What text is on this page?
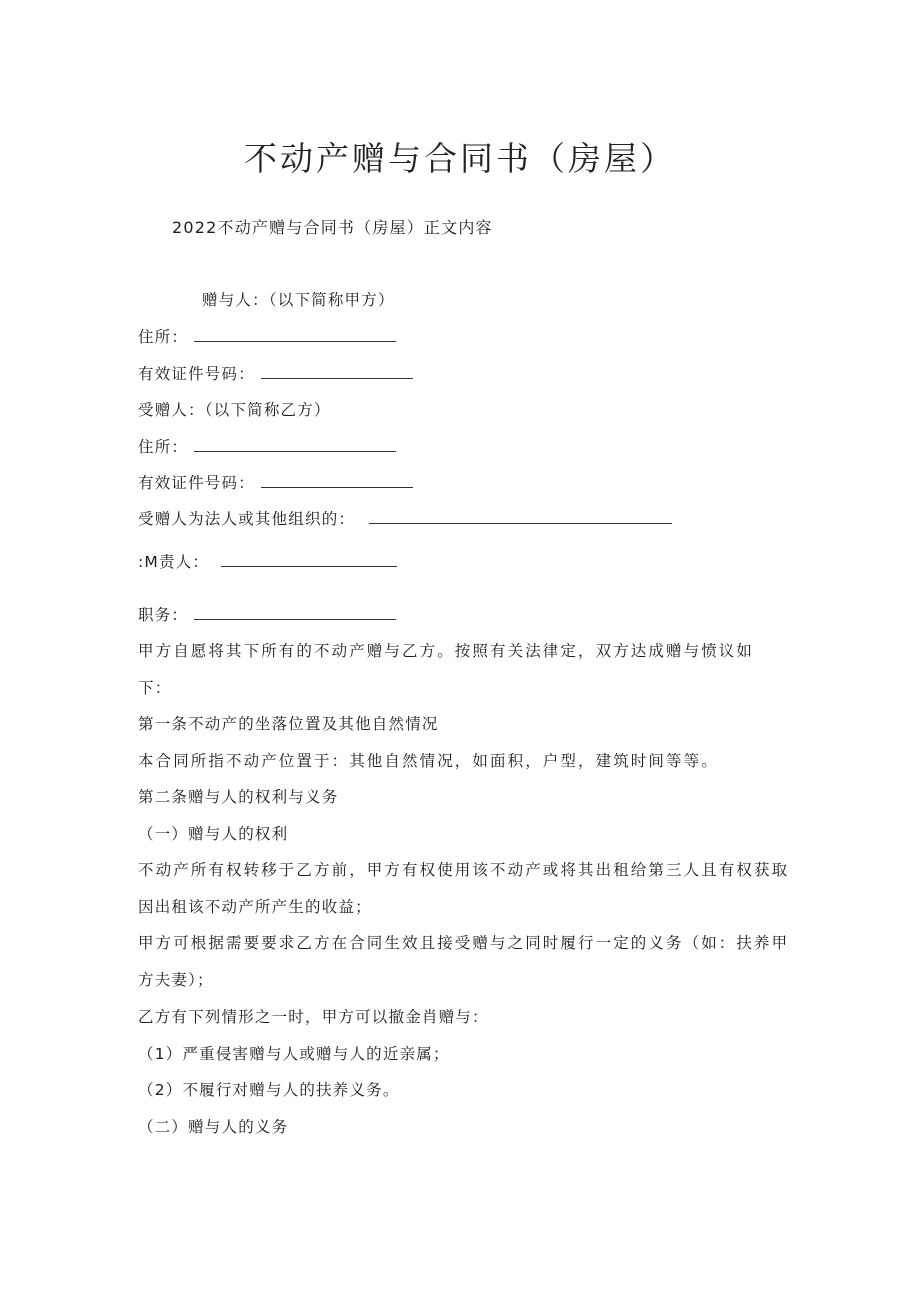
不动产赠与合同书（房屋）
2022不动产赠与合同书（房屋）正文内容
赠与人：（以下简称甲方）
住所：
有效证件号码：
受赠人：（以下简称乙方）
住所：
有效证件号码：
受赠人为法人或其他组织的：
:M责人：
职务：
甲方自愿将其下所有的不动产赠与乙方。按照有关法律定，双方达成赠与愤议如
下：
第一条不动产的坐落位置及其他自然情况
本合同所指不动产位置于：其他自然情况，如面积，户型，建筑时间等等。
第二条赠与人的权利与义务
（一）赠与人的权利
不动产所有权转移于乙方前，甲方有权使用该不动产或将其出租给第三人且有权获取
因出租该不动产所产生的收益；
甲方可根据需要要求乙方在合同生效且接受赠与之同时履行一定的义务（如：扶养甲
方夫妻）；
乙方有下列情形之一时，甲方可以撤金肖赠与：
（1）严重侵害赠与人或赠与人的近亲属；
（2）不履行对赠与人的扶养义务。
（二）赠与人的义务
